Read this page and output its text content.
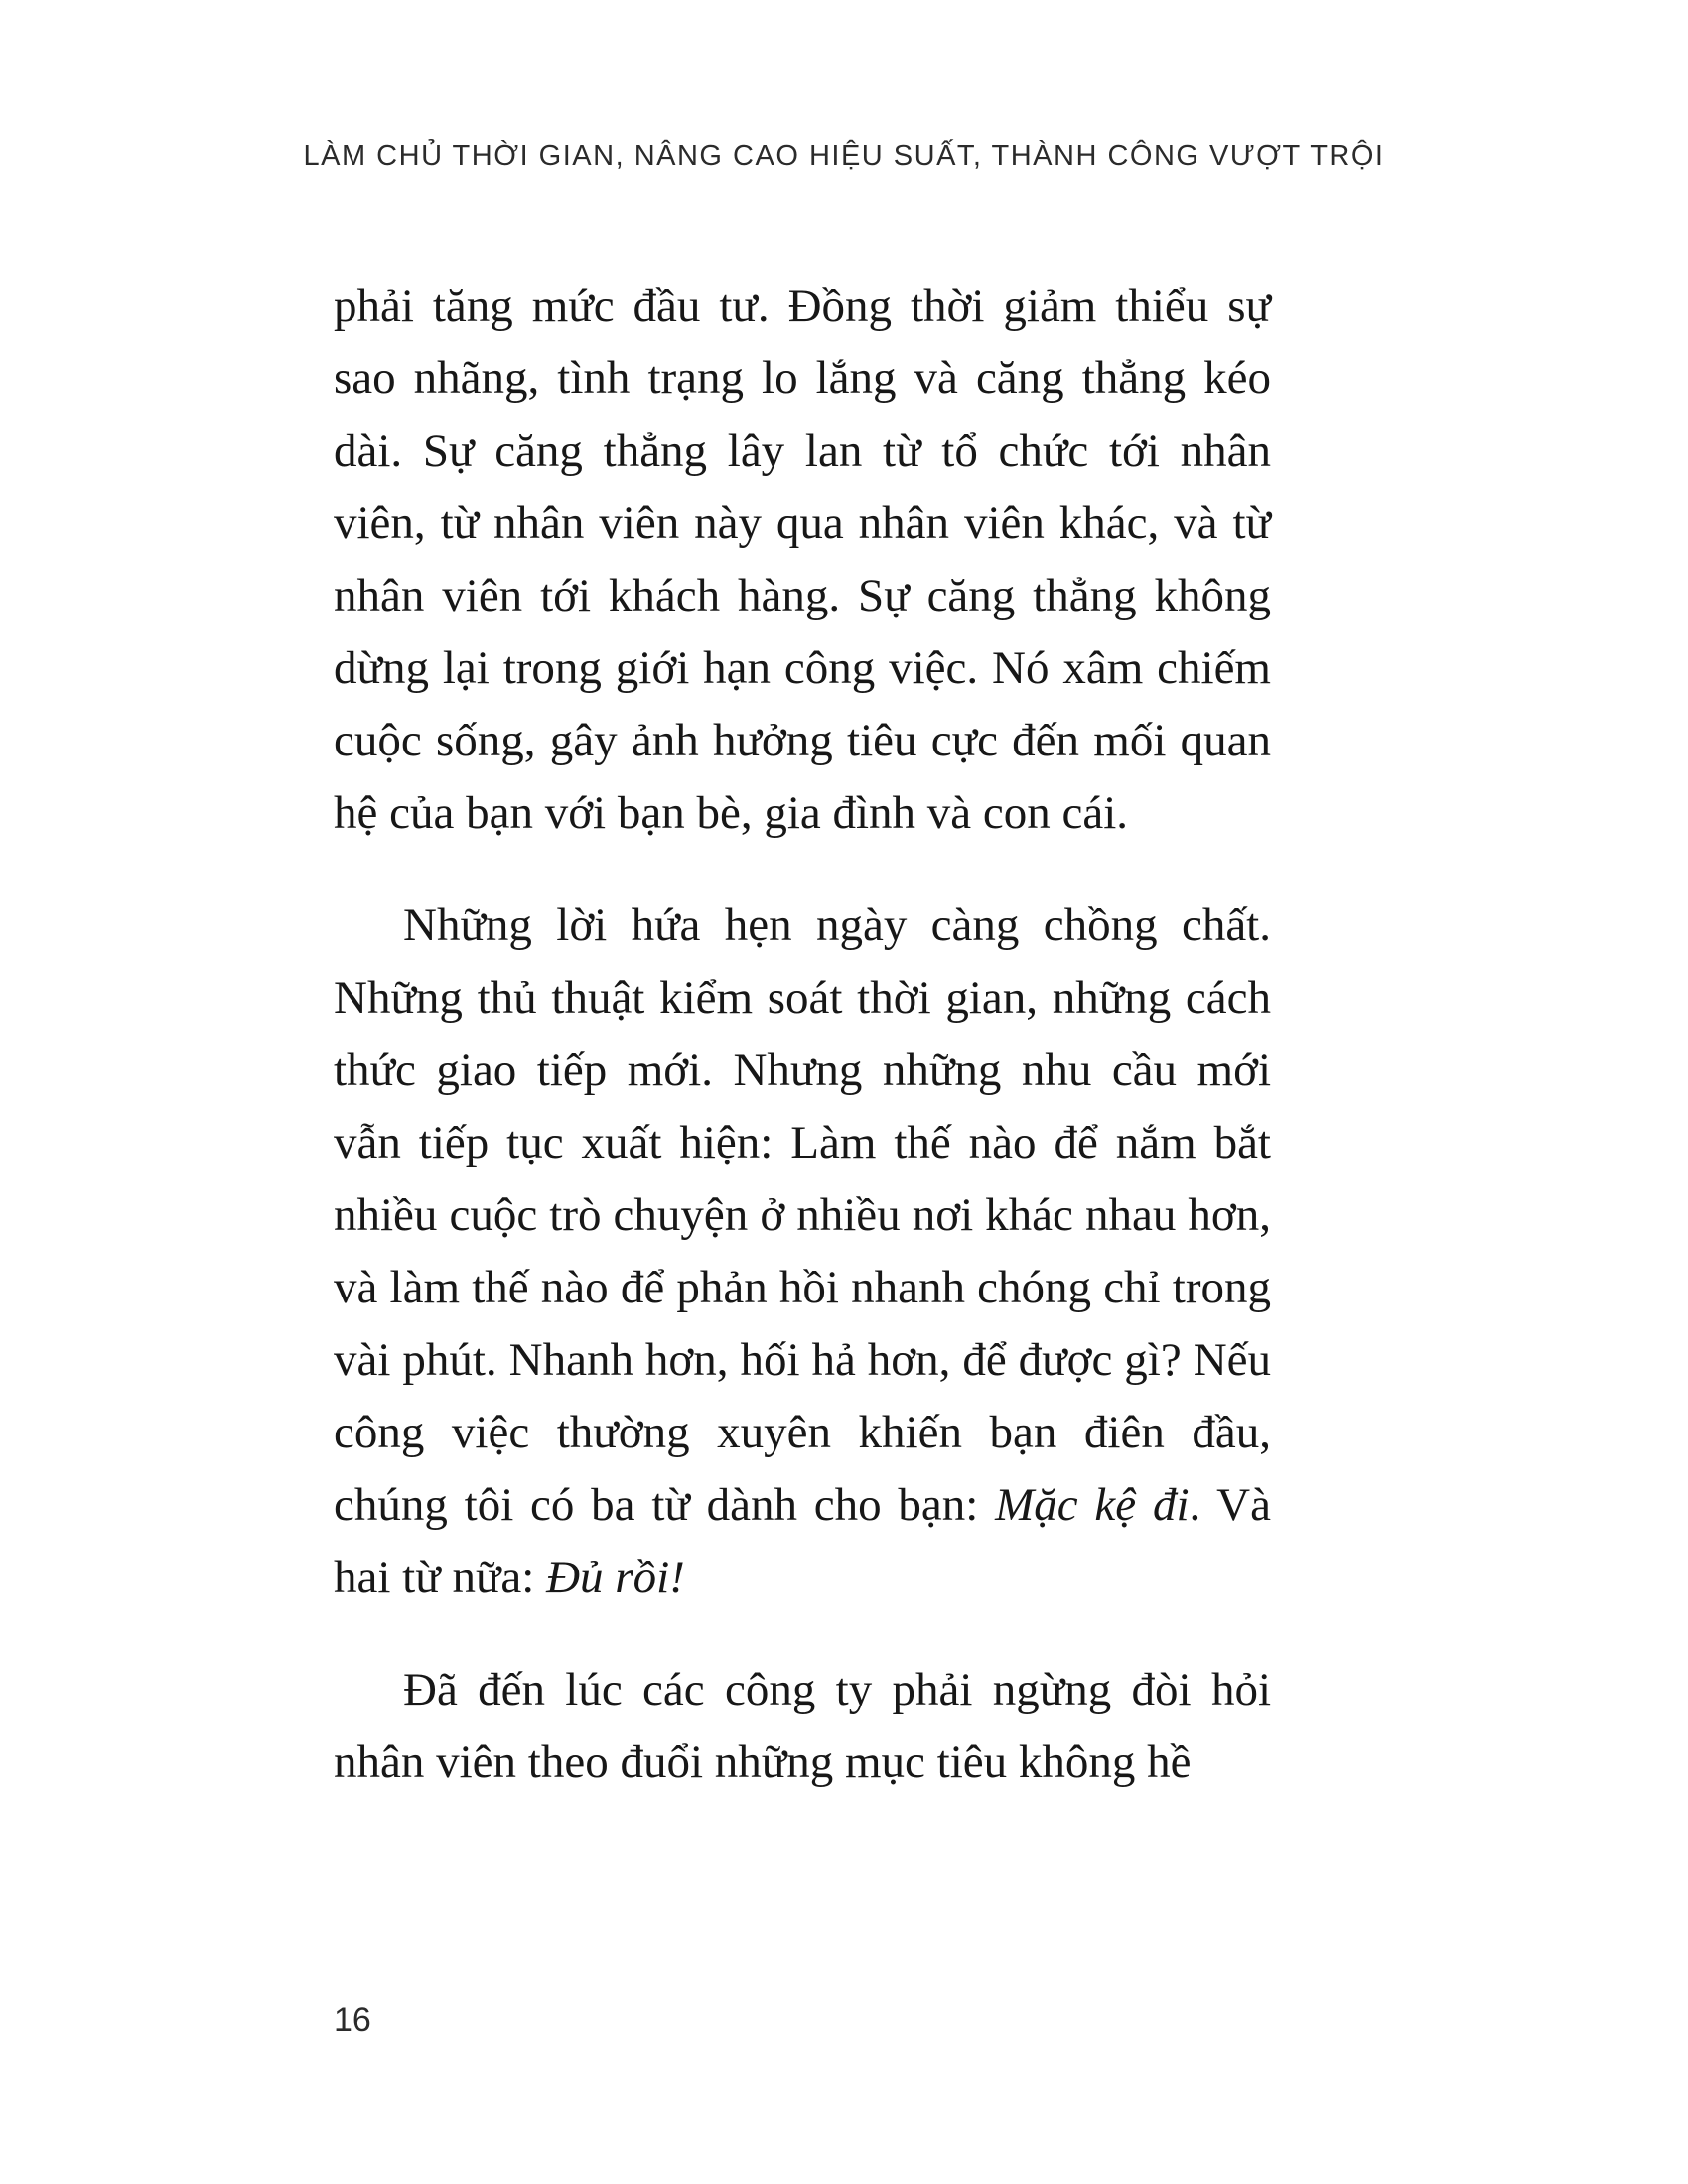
LÀM CHỦ THỜI GIAN, NÂNG CAO HIỆU SUẤT, THÀNH CÔNG VƯỢT TRỘI

phải tăng mức đầu tư. Đồng thời giảm thiểu sự sao nhãng, tình trạng lo lắng và căng thẳng kéo dài. Sự căng thẳng lây lan từ tổ chức tới nhân viên, từ nhân viên này qua nhân viên khác, và từ nhân viên tới khách hàng. Sự căng thẳng không dừng lại trong giới hạn công việc. Nó xâm chiếm cuộc sống, gây ảnh hưởng tiêu cực đến mối quan hệ của bạn với bạn bè, gia đình và con cái.

Những lời hứa hẹn ngày càng chồng chất. Những thủ thuật kiểm soát thời gian, những cách thức giao tiếp mới. Nhưng những nhu cầu mới vẫn tiếp tục xuất hiện: Làm thế nào để nắm bắt nhiều cuộc trò chuyện ở nhiều nơi khác nhau hơn, và làm thế nào để phản hồi nhanh chóng chỉ trong vài phút. Nhanh hơn, hối hả hơn, để được gì? Nếu công việc thường xuyên khiến bạn điên đầu, chúng tôi có ba từ dành cho bạn: Mặc kệ đi. Và hai từ nữa: Đủ rồi!

Đã đến lúc các công ty phải ngừng đòi hỏi nhân viên theo đuổi những mục tiêu không hề

16
